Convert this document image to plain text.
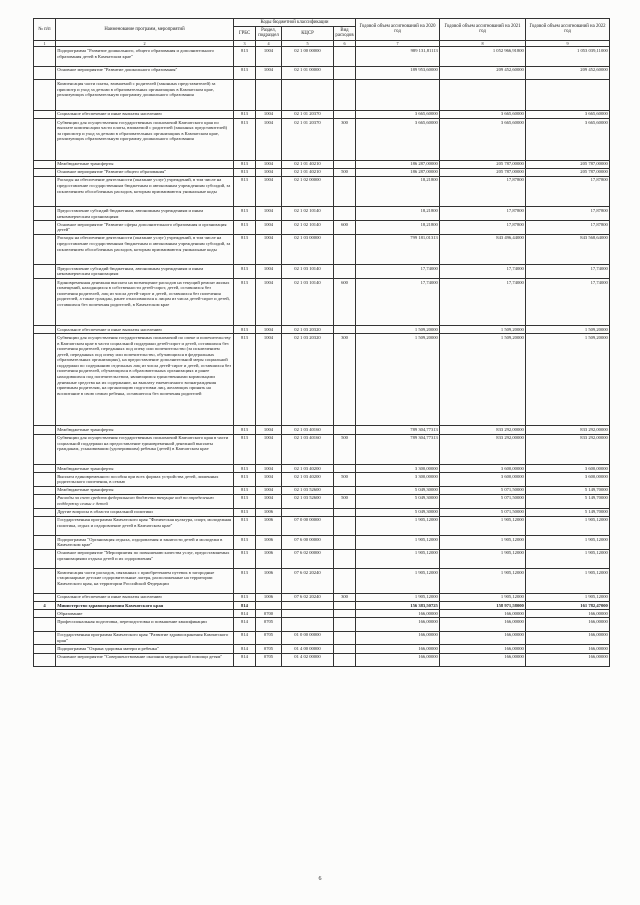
№ п/п	Наименование программ, мероприятий	Коды бюджетной классификации				Годовой объем ассигнований на 2020 год	Годовой объем ассигнований на 2021 год	Годовой объем ассигнований на 2022 год
		ГРБС	Раздел, подраздел	КЦСР	Вид расходов			
1	2	3	4	5	6	7	8	9
	Подпрограмма "Развитие дошкольного, общего образования и дополнительного образования детей в Камчатском крае"	813	1004	02 1 00 00000		989 131,81113	1 052 966,91800	1 053 039,11000
	Основное мероприятие "Развитие дошкольного образования"	813	1004	02 1 01 00000		189 953,60000	209 452,60000	209 452,60000
	Компенсация части платы, взимаемой с родителей (законных представителей) за присмотр и уход за детьми в образовательных организациях в Камчатском крае, реализующих образовательную программу дошкольного образования							
	Социальное обеспечение и иные выплаты населению	813	1004	02 1 01 20370		3 665,60000	3 665,60000	3 665,60000
	Субвенции для осуществления государственных полномочий Камчатского края по выплате компенсации части платы, взимаемой с родителей (законных представителей) за присмотр и уход за детьми в образовательных организациях в Камчатском крае, реализующих образовательную программу дошкольного образования	813	1004	02 1 01 20370	300	3 665,60000	3 665,60000	3 665,60000
	Межбюджетные трансферты	813	1004	02 1 01 40210		186 287,00000	205 787,00000	205 787,00000
	Основное мероприятие "Развитие общего образования"	813	1004	02 1 01 40210	500	186 287,00000	205 787,00000	205 787,00000
	Расходы на обеспечение деятельности (оказание услуг) учреждений, в том числе на предоставление государственным бюджетным и автономным учреждениям субсидий, за исключением обособленных расходов, которым присваиваются уникальные коды	813	1004	02 1 02 00000		18,21800	17,87800	17,87800
	Предоставление субсидий бюджетным, автономным учреждениям и иным некоммерческим организациям	813	1004	02 1 02 10140		18,21800	17,87800	17,87800
	Основное мероприятие "Развитие сферы дополнительного образования и организация детей"	813	1004	02 1 02 10140	600	18,21800	17,87800	17,87800
	Расходы на обеспечение деятельности (оказание услуг) учреждений, в том числе на предоставление государственным бюджетным и автономным учреждениям субсидий, за исключением обособленных расходов, которым присваиваются уникальные коды	813	1004	02 1 03 00000		799 181,01313	843 496,44000	843 568,64000
	Предоставление субсидий бюджетным, автономным учреждениям и иным некоммерческим организациям	813	1004	02 1 03 10140		17,74000	17,74000	17,74000
	Единовременная денежная выплата на возмещение расходов на текущий ремонт жилых помещений, находящихся в собственности детей-сирот, детей, оставшихся без попечения родителей, лиц из числа детей-сирот и детей, оставшихся без попечения родителей, а также граждан, ранее относившихся к лицам из числа детей-сирот и детей, оставшихся без попечения родителей, в Камчатском крае	813	1004	02 1 03 10140	600	17,74000	17,74000	17,74000
	Социальное обеспечение и иные выплаты населению	813	1004	02 1 03 20320		1 509,20000	1 509,20000	1 509,20000
	Субвенции для осуществления государственных полномочий по опеке и попечительству в Камчатском крае в части социальной поддержки детей-сирот и детей, оставшихся без попечения родителей, переданных под опеку или попечительство (за исключением детей, переданных под опеку или попечительство, обучающихся в федеральных образовательных организациях), на предоставление дополнительной меры социальной поддержки по содержанию отдельных лиц из числа детей-сирот и детей, оставшихся без попечения родителей, обучающихся в образовательных организациях и ранее находившихся под попечительством, являющимся единственными кормильцами денежные средства на их содержание, на выплату ежемесячного вознаграждения приемным родителям, на организацию подготовки лиц, желающих принять на воспитание в свою семью ребенка, оставшегося без попечения родителей	813	1004	02 1 03 20320	300	1 509,20000	1 509,20000	1 509,20000
	Межбюджетные трансферты	813	1004	02 1 03 40160		789 304,77313	833 292,00000	833 292,00000
	Субвенции для осуществления государственных полномочий Камчатского края в части социальной поддержки на предоставление единовременной денежной выплаты гражданам, усыновившим (удочерившим) ребенка (детей) в Камчатском крае	813	1004	02 1 03 40160	500	789 304,77313	833 292,00000	833 292,00000
	Межбюджетные трансферты	813	1004	02 1 03 40200		3 300,00000	3 600,00000	3 600,00000
	Выплата единовременного пособия при всех формах устройства детей, лишенных родительского попечения, в семью	813	1004	02 1 03 40200	500	3 300,00000	3 600,00000	3 600,00000
	Межбюджетные трансферты	813	1004	02 1 03 52600		5 049,30000	5 071,50000	5 149,70000
	Расходы за счет средств федерального бюджета текущие код по определению поддержку семьи с детей	813	1004	02 1 03 52600	500	5 049,30000	5 071,50000	5 149,70000
	Другие вопросы в области социальной политики	813	1006			5 049,30000	5 071,50000	5 149,70000
	Государственная программа Камчатского края "Физическая культура, спорт, молодежная политика, отдых и оздоровление детей в Камчатском крае"	813	1006	07 0 00 00000		1 905,12000	1 905,12000	1 905,12000
	Подпрограмма "Организация отдыха, оздоровления и занятости детей и молодежи в Камчатском крае"	813	1006	07 6 00 00000		1 905,12000	1 905,12000	1 905,12000
	Основное мероприятие "Мероприятия по повышению качества услуг, предоставляемых организациями отдыха детей и их оздоровления"	813	1006	07 6 02 00000		1 905,12000	1 905,12000	1 905,12000
	Компенсация части расходов, связанных с приобретением путевок в загородные стационарные детские оздоровительные лагеря, расположенные на территории Камчатского края, на территории Российской Федерации	813	1006	07 6 02 20240		1 905,12000	1 905,12000	1 905,12000
	Социальное обеспечение и иные выплаты населению	813	1006	07 6 02 20240	300	1 905,12000	1 905,12000	1 905,12000
4	Министерство здравоохранения Камчатского края	814				156 383,50725	158 971,58000	161 782,47000
	Образование	814	0700			166,00000	166,00000	166,00000
	Профессиональная подготовка, переподготовка и повышение квалификации	814	0705			166,00000	166,00000	166,00000
	Государственная программа Камчатского края "Развитие здравоохранения Камчатского края"	814	0705	01 0 00 00000		166,00000	166,00000	166,00000
	Подпрограмма "Охрана здоровья матери и ребенка"	814	0705	01 4 00 00000		166,00000	166,00000	166,00000
	Основное мероприятие "Совершенствование оказания медицинской помощи детям"	814	0705	01 4 02 00000		166,00000	166,00000	166,00000
6
